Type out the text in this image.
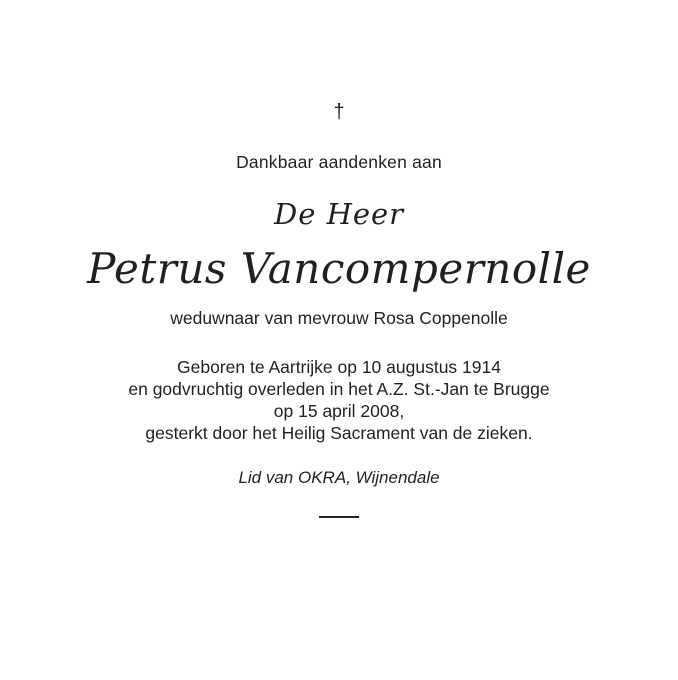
†
Dankbaar aandenken aan
De Heer
Petrus Vancompernolle
weduwnaar van mevrouw Rosa Coppenolle
Geboren te Aartrijke op 10 augustus 1914
en godvruchtig overleden in het A.Z. St.-Jan te Brugge
op 15 april 2008,
gesterkt door het Heilig Sacrament van de zieken.
Lid van OKRA, Wijnendale
